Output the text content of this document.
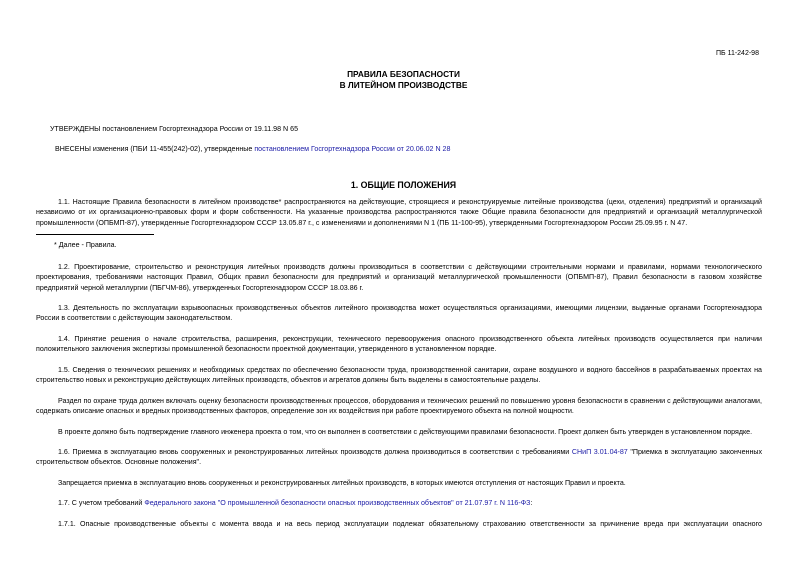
ПБ 11-242-98
ПРАВИЛА БЕЗОПАСНОСТИ
В ЛИТЕЙНОМ ПРОИЗВОДСТВЕ
УТВЕРЖДЕНЫ постановлением Госгортехнадзора России от 19.11.98 N 65
ВНЕСЕНЫ изменения (ПБИ 11-455(242)-02), утвержденные постановлением Госгортехнадзора России от 20.06.02 N 28
1. ОБЩИЕ ПОЛОЖЕНИЯ
1.1. Настоящие Правила безопасности в литейном производстве* распространяются на действующие, строящиеся и реконструируемые литейные производства (цехи, отделения) предприятий и организаций независимо от их организационно-правовых форм и форм собственности. На указанные производства распространяются также Общие правила безопасности для предприятий и организаций металлургической промышленности (ОПБМП-87), утвержденные Госгортехнадзором СССР 13.05.87 г., с изменениями и дополнениями N 1 (ПБ 11-100-95), утвержденными Госгортехнадзором России 25.09.95 г. N 47.
* Далее - Правила.
1.2. Проектирование, строительство и реконструкция литейных производств должны производиться в соответствии с действующими строительными нормами и правилами, нормами технологического проектирования, требованиями настоящих Правил, Общих правил безопасности для предприятий и организаций металлургической промышленности (ОПБМП-87), Правил безопасности в газовом хозяйстве предприятий черной металлургии (ПБГЧМ-86), утвержденных Госгортехнадзором СССР 18.03.86 г.
1.3. Деятельность по эксплуатации взрывоопасных производственных объектов литейного производства может осуществляться организациями, имеющими лицензии, выданные органами Госгортехнадзора России в соответствии с действующим законодательством.
1.4. Принятие решения о начале строительства, расширения, реконструкции, технического перевооружения опасного производственного объекта литейных производств осуществляется при наличии положительного заключения экспертизы промышленной безопасности проектной документации, утвержденного в установленном порядке.
1.5. Сведения о технических решениях и необходимых средствах по обеспечению безопасности труда, производственной санитарии, охране воздушного и водного бассейнов в разрабатываемых проектах на строительство новых и реконструкцию действующих литейных производств, объектов и агрегатов должны быть выделены в самостоятельные разделы.
Раздел по охране труда должен включать оценку безопасности производственных процессов, оборудования и технических решений по повышению уровня безопасности в сравнении с действующими аналогами, содержать описание опасных и вредных производственных факторов, определение зон их воздействия при работе проектируемого объекта на полной мощности.
В проекте должно быть подтверждение главного инженера проекта о том, что он выполнен в соответствии с действующими правилами безопасности. Проект должен быть утвержден в установленном порядке.
1.6. Приемка в эксплуатацию вновь сооруженных и реконструированных литейных производств должна производиться в соответствии с требованиями СНиП 3.01.04-87 "Приемка в эксплуатацию законченных строительством объектов. Основные положения".
Запрещается приемка в эксплуатацию вновь сооруженных и реконструированных литейных производств, в которых имеются отступления от настоящих Правил и проекта.
1.7. С учетом требований Федерального закона "О промышленной безопасности опасных производственных объектов" от 21.07.97 г. N 116-ФЗ:
1.7.1. Опасные производственные объекты с момента ввода и на весь период эксплуатации подлежат обязательному страхованию ответственности за причинение вреда при эксплуатации опасного
